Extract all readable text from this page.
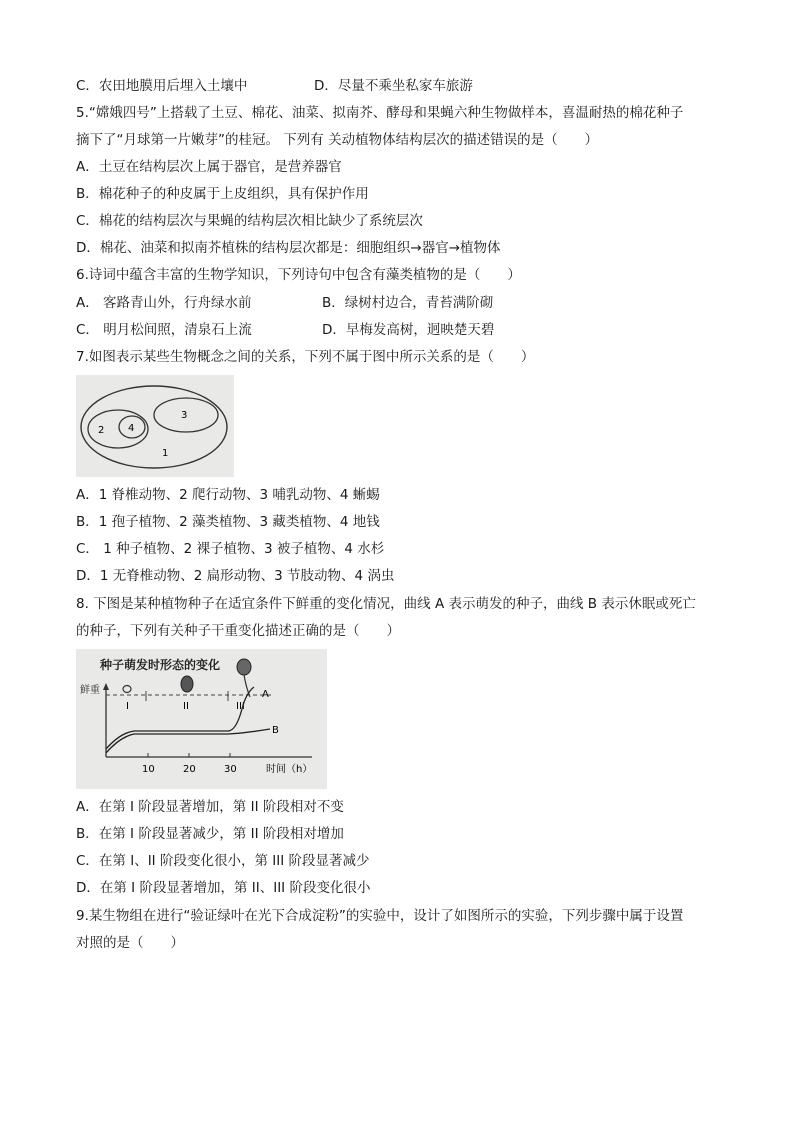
C．农田地膜用后埋入土壤中	D．尽量不乘坐私家车旅游
5.“嫦娥四号”上搭载了土豆、棉花、油菜、拟南芥、酵母和果蝇六种生物做样本，喜温耐热的棉花种子
摘下了“月球第一片嫩芽”的桂冠。 下列有 关动植物体结构层次的描述错误的是（　　）
A．土豆在结构层次上属于器官，是营养器官
B．棉花种子的种皮属于上皮组织，具有保护作用
C．棉花的结构层次与果蝇的结构层次相比缺少了系统层次
D．棉花、油菜和拟南芥植株的结构层次都是：细胞组织→器官→植物体
6.诗词中蕴含丰富的生物学知识，下列诗句中包含有藻类植物的是（　　）
A． 客路青山外，行舟绿水前	B．绿树村边合，青苔满阶砌
C． 明月松间照，清泉石上流	D．早梅发高树，迥映楚天碧
7.如图表示某些生物概念之间的关系，下列不属于图中所示关系的是（　　）
1
2
3
4
A．1 脊椎动物、2 爬行动物、3 哺乳动物、4 蜥蜴
B．1 孢子植物、2 藻类植物、3 藏类植物、4 地钱
C． 1 种子植物、2 裸子植物、3 被子植物、4 水杉
D．1 无脊椎动物、2 扁形动物、3 节肢动物、4 涡虫
8. 下图是某种植物种子在适宜条件下鲜重的变化情况，曲线 A 表示萌发的种子，曲线 B 表示休眠或死亡
的种子，下列有关种子干重变化描述正确的是（　　）
种子萌发时形态的变化
鲜重
10	20	30	时间（h）
I	II	III
A
B
A．在第 I 阶段显著增加，第 II 阶段相对不变
B．在第 I 阶段显著减少，第 II 阶段相对增加
C．在第 I、II 阶段变化很小，第 III 阶段显著减少
D．在第 I 阶段显著增加，第 II、III 阶段变化很小
9.某生物组在进行“验证绿叶在光下合成淀粉”的实验中，设计了如图所示的实验，下列步骤中属于设置
对照的是（　　）
